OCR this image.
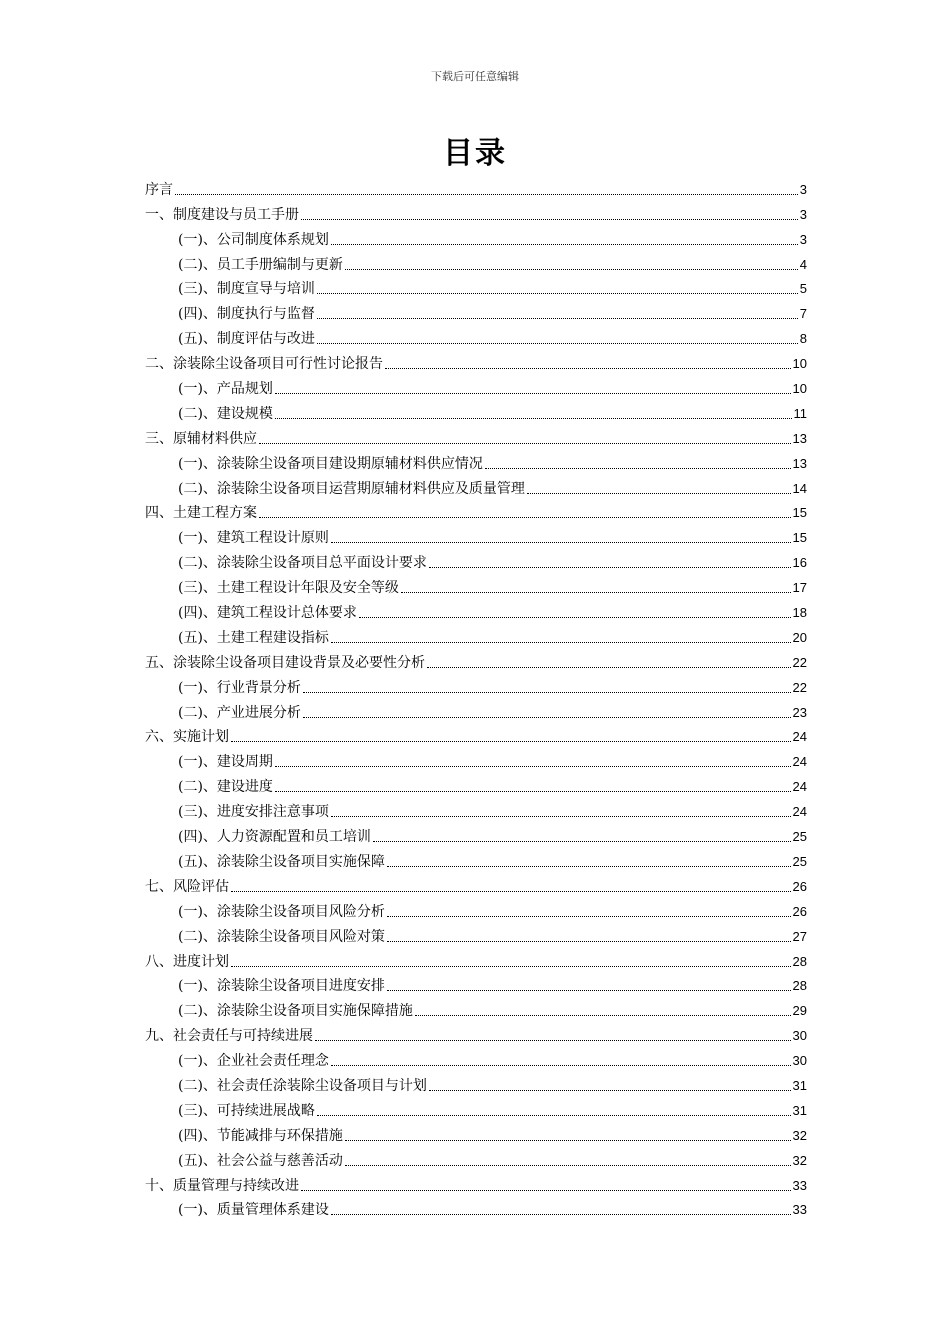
下载后可任意编辑
目录
序言	3
一、制度建设与员工手册	3
(一)、公司制度体系规划	3
(二)、员工手册编制与更新	4
(三)、制度宣导与培训	5
(四)、制度执行与监督	7
(五)、制度评估与改进	8
二、涂装除尘设备项目可行性讨论报告	10
(一)、产品规划	10
(二)、建设规模	11
三、原辅材料供应	13
(一)、涂装除尘设备项目建设期原辅材料供应情况	13
(二)、涂装除尘设备项目运营期原辅材料供应及质量管理	14
四、土建工程方案	15
(一)、建筑工程设计原则	15
(二)、涂装除尘设备项目总平面设计要求	16
(三)、土建工程设计年限及安全等级	17
(四)、建筑工程设计总体要求	18
(五)、土建工程建设指标	20
五、涂装除尘设备项目建设背景及必要性分析	22
(一)、行业背景分析	22
(二)、产业进展分析	23
六、实施计划	24
(一)、建设周期	24
(二)、建设进度	24
(三)、进度安排注意事项	24
(四)、人力资源配置和员工培训	25
(五)、涂装除尘设备项目实施保障	25
七、风险评估	26
(一)、涂装除尘设备项目风险分析	26
(二)、涂装除尘设备项目风险对策	27
八、进度计划	28
(一)、涂装除尘设备项目进度安排	28
(二)、涂装除尘设备项目实施保障措施	29
九、社会责任与可持续进展	30
(一)、企业社会责任理念	30
(二)、社会责任涂装除尘设备项目与计划	31
(三)、可持续进展战略	31
(四)、节能减排与环保措施	32
(五)、社会公益与慈善活动	32
十、质量管理与持续改进	33
(一)、质量管理体系建设	33
